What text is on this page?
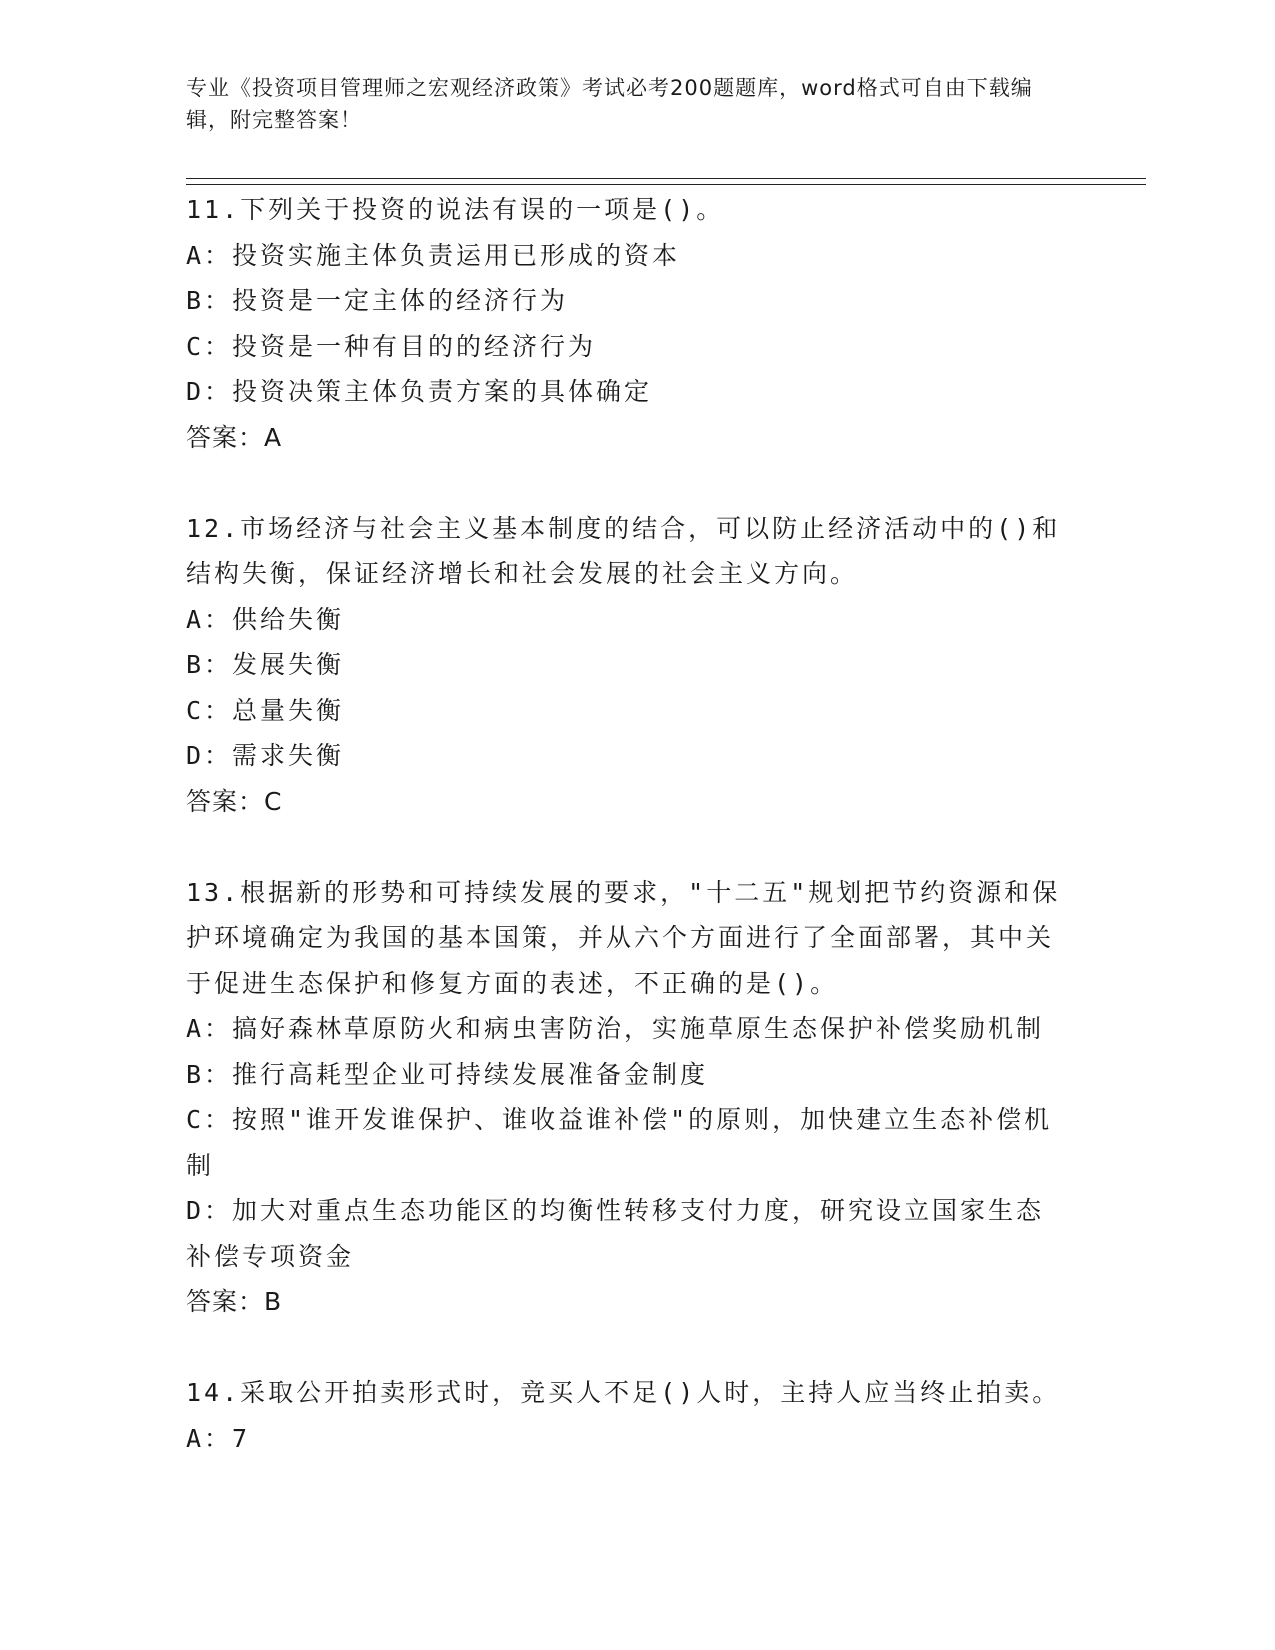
专业《投资项目管理师之宏观经济政策》考试必考200题题库，word格式可自由下载编辑，附完整答案！

11.下列关于投资的说法有误的一项是()。

A：投资实施主体负责运用已形成的资本

B：投资是一定主体的经济行为

C：投资是一种有目的的经济行为

D：投资决策主体负责方案的具体确定

答案：A

12.市场经济与社会主义基本制度的结合，可以防止经济活动中的()和结构失衡，保证经济增长和社会发展的社会主义方向。

A：供给失衡

B：发展失衡

C：总量失衡

D：需求失衡

答案：C

13.根据新的形势和可持续发展的要求，"十二五"规划把节约资源和保护环境确定为我国的基本国策，并从六个方面进行了全面部署，其中关于促进生态保护和修复方面的表述，不正确的是()。

A：搞好森林草原防火和病虫害防治，实施草原生态保护补偿奖励机制

B：推行高耗型企业可持续发展准备金制度

C：按照"谁开发谁保护、谁收益谁补偿"的原则，加快建立生态补偿机制

D：加大对重点生态功能区的均衡性转移支付力度，研究设立国家生态补偿专项资金

答案：B

14.采取公开拍卖形式时，竞买人不足()人时，主持人应当终止拍卖。

A：7
